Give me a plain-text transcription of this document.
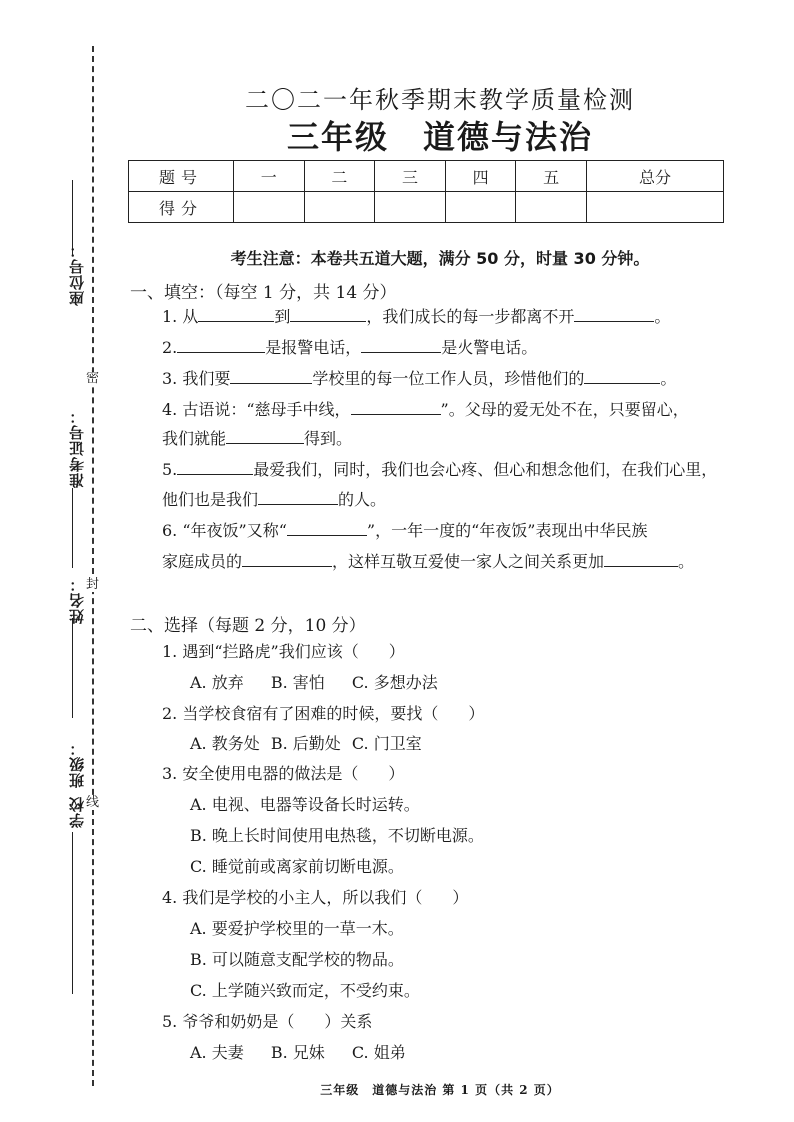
座位号：
准考证号：
姓名：
班级：
学校
密
封
线
二〇二一年秋季期末教学质量检测
三年级　道德与法治
题号	一	二	三	四	五	总分
得分						
考生注意：本卷共五道大题，满分 50 分，时量 30 分钟。
一、填空：（每空 1 分，共 14 分）
1. 从	到	，我们成长的每一步都离不开	。
2.	是报警电话，	是火警电话。
3. 我们要	学校里的每一位工作人员，珍惜他们的	。
4. 古语说：“慈母手中线，	”。父母的爱无处不在，只要留心，
我们就能	得到。
5.	最爱我们，同时，我们也会心疼、但心和想念他们，在我们心里，
他们也是我们	的人。
6. “年夜饭”又称“	”，一年一度的“年夜饭”表现出中华民族
家庭成员的	，这样互敬互爱使一家人之间关系更加	。
二、选择（每题 2 分，10 分）
1. 遇到“拦路虎”我们应该（ ）
A. 放弃 B. 害怕 C. 多想办法
2. 当学校食宿有了困难的时候，要找（ ）
A. 教务处 B. 后勤处 C. 门卫室
3. 安全使用电器的做法是（ ）
A. 电视、电器等设备长时运转。
B. 晚上长时间使用电热毯，不切断电源。
C. 睡觉前或离家前切断电源。
4. 我们是学校的小主人，所以我们（ ）
A. 要爱护学校里的一草一木。
B. 可以随意支配学校的物品。
C. 上学随兴致而定，不受约束。
5. 爷爷和奶奶是（ ）关系
A. 夫妻 B. 兄妹 C. 姐弟
三年级　道德与法治 第 1 页（共 2 页）
